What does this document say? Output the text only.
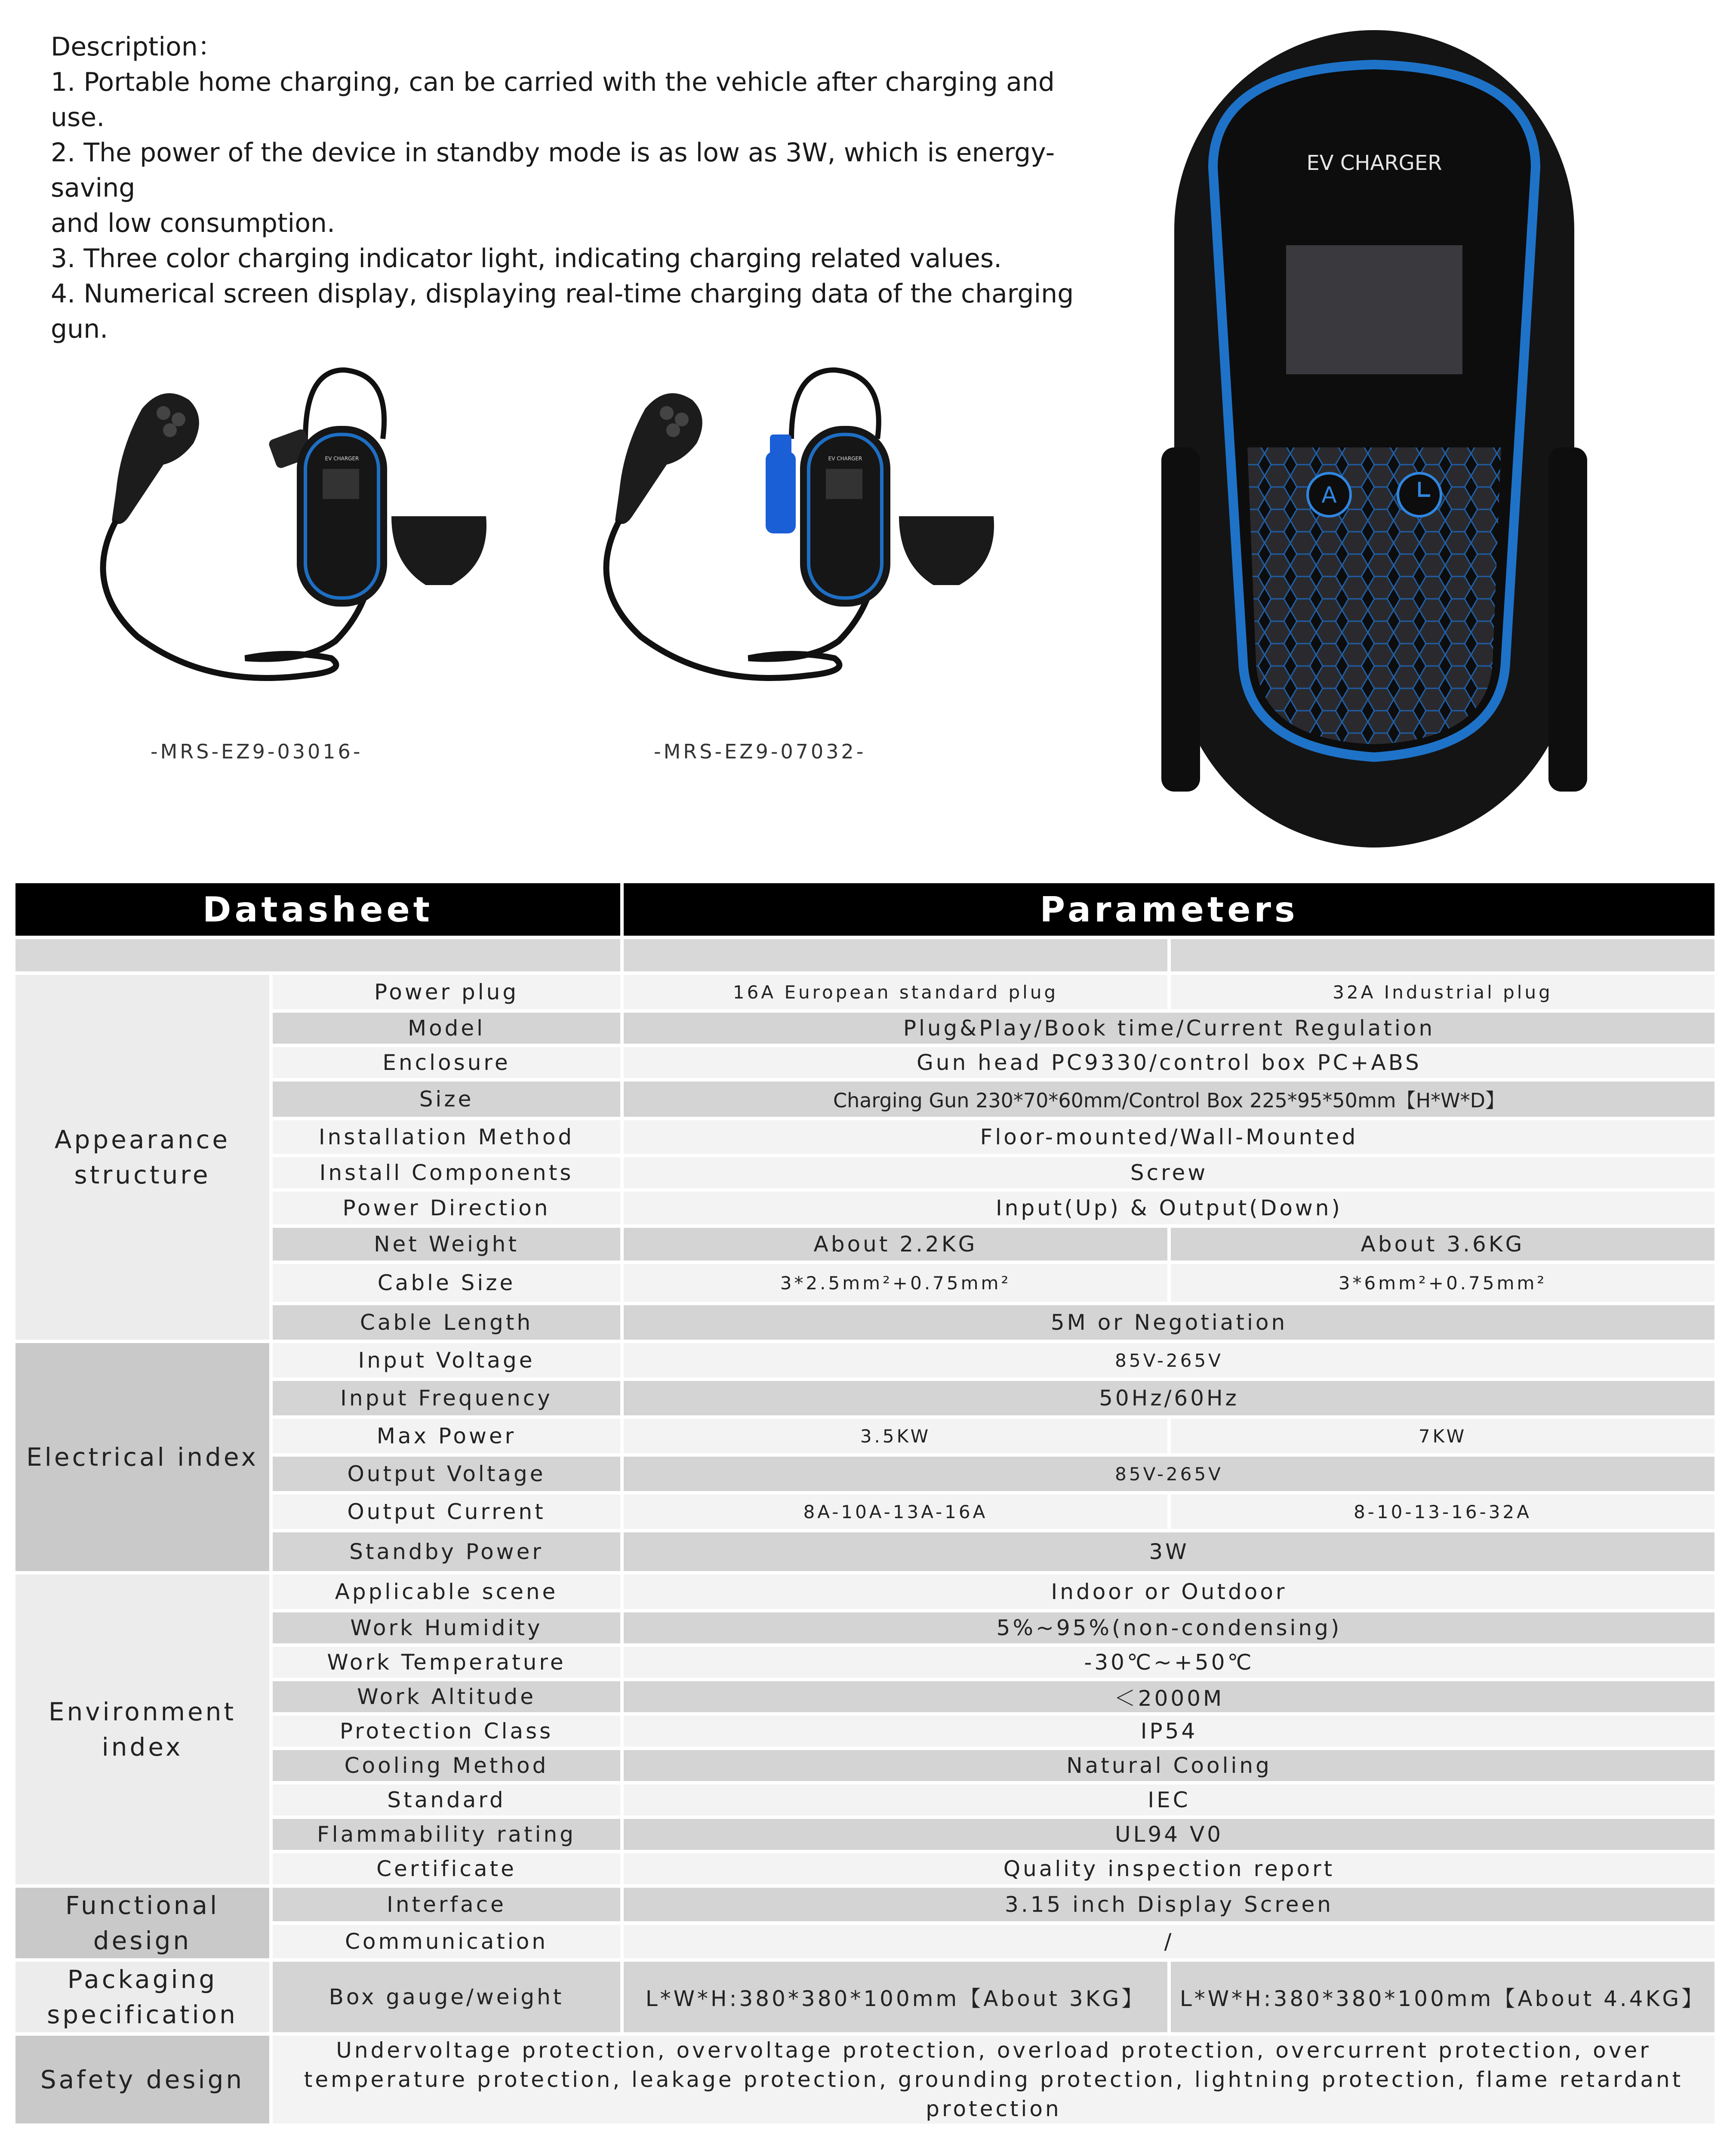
Description：
1. Portable home charging, can be carried with the vehicle after charging and use.
2. The power of the device in standby mode is as low as 3W, which is energy-saving
and low consumption.
3. Three color charging indicator light, indicating charging related values.
4. Numerical screen display, displaying real-time charging data of the charging gun.
EV CHARGER
-MRS-EZ9-03016-
EV CHARGER
-MRS-EZ9-07032-
EV CHARGER
A
Datasheet		Parameters	

Appearance structure	Power plug	16A European standard plug	32A Industrial plug
	Model	Plug&Play/Book time/Current Regulation	
	Enclosure	Gun head PC9330/control box PC+ABS	
	Size	Charging Gun 230*70*60mm/Control Box 225*95*50mm【H*W*D】	
	Installation Method	Floor-mounted/Wall-Mounted	
	Install Components	Screw	
	Power Direction	Input(Up) & Output(Down)	
	Net Weight	About 2.2KG	About 3.6KG
	Cable Size	3*2.5mm²+0.75mm²	3*6mm²+0.75mm²
	Cable Length	5M or Negotiation	
Electrical index	Input Voltage	85V-265V	
	Input Frequency	50Hz/60Hz	
	Max Power	3.5KW	7KW
	Output Voltage	85V-265V	
	Output Current	8A-10A-13A-16A	8-10-13-16-32A
	Standby Power	3W	
Environment index	Applicable scene	Indoor or Outdoor	
	Work Humidity	5%~95%(non-condensing)	
	Work Temperature	-30℃~+50℃	
	Work Altitude	＜2000M	
	Protection Class	IP54	
	Cooling Method	Natural Cooling	
	Standard	IEC	
	Flammability rating	UL94 V0	
	Certificate	Quality inspection report	
Functional design	Interface	3.15 inch Display Screen	
	Communication	/	
Packaging specification	Box gauge/weight	L*W*H:380*380*100mm【About 3KG】	L*W*H:380*380*100mm【About 4.4KG】
Safety design	Undervoltage protection, overvoltage protection, overload protection, overcurrent protection, over temperature protection, leakage protection, grounding protection, lightning protection, flame retardant protection		
